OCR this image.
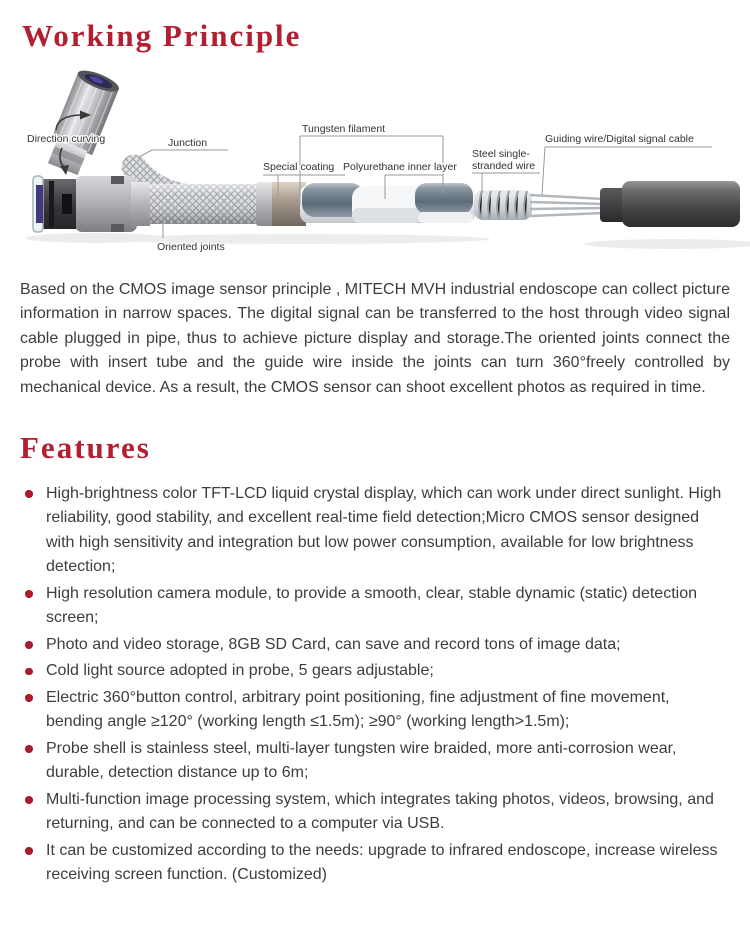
Working Principle
Direction curving	Junction
Oriented joints
Special coating
Tungsten filament
Polyurethane inner layer
Steel single-
stranded wire
Guiding wire/Digital signal cable

Based on the CMOS image sensor principle , MITECH MVH industrial endoscope can collect picture information in narrow spaces. The digital signal can be transferred to the host through video signal cable plugged in pipe, thus to achieve picture display and storage.The oriented joints connect the probe with insert tube and the guide wire inside the joints can turn 360°freely controlled by mechanical device. As a result, the CMOS sensor can shoot excellent photos as required in time.

Features
High-brightness color TFT-LCD liquid crystal display, which can work under direct sunlight. High reliability, good stability, and excellent real-time field detection;Micro CMOS sensor designed with high sensitivity and integration but low power consumption, available for low brightness detection;
High resolution camera module, to provide a smooth, clear, stable dynamic (static) detection screen;
Photo and video storage, 8GB SD Card, can save and record tons of image data;
Cold light source adopted in probe, 5 gears adjustable;
Electric 360°button control, arbitrary point positioning, fine adjustment of fine movement, bending angle ≥120° (working length ≤1.5m); ≥90° (working length>1.5m);
Probe shell is stainless steel, multi-layer tungsten wire braided, more anti-corrosion wear, durable, detection distance up to 6m;
Multi-function image processing system, which integrates taking photos, videos, browsing, and returning, and can be connected to a computer via USB.
It can be customized according to the needs: upgrade to infrared endoscope, increase wireless receiving screen function. (Customized)
